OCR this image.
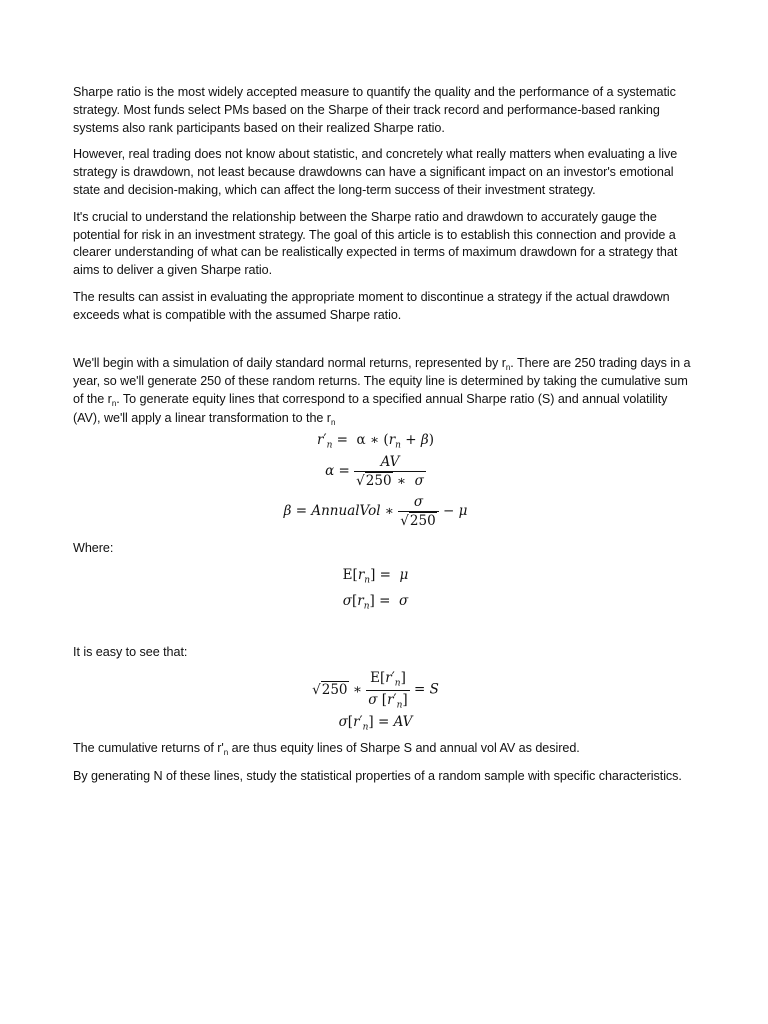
Sharpe ratio is the most widely accepted measure to quantify the quality and the performance of a systematic strategy. Most funds select PMs based on the Sharpe of their track record and performance-based ranking systems also rank participants based on their realized Sharpe ratio.

However, real trading does not know about statistic, and concretely what really matters when evaluating a live strategy is drawdown, not least because drawdowns can have a significant impact on an investor's emotional state and decision-making, which can affect the long-term success of their investment strategy.

It's crucial to understand the relationship between the Sharpe ratio and drawdown to accurately gauge the potential for risk in an investment strategy. The goal of this article is to establish this connection and provide a clearer understanding of what can be realistically expected in terms of maximum drawdown for a strategy that aims to deliver a given Sharpe ratio.

The results can assist in evaluating the appropriate moment to discontinue a strategy if the actual drawdown exceeds what is compatible with the assumed Sharpe ratio.

We'll begin with a simulation of daily standard normal returns, represented by $r_n$. There are 250 trading days in a year, so we'll generate 250 of these random returns. The equity line is determined by taking the cumulative sum of the $r_n$. To generate equity lines that correspond to a specified annual Sharpe ratio (S) and annual volatility (AV), we'll apply a linear transformation to the $r_n$

$r'_n = \alpha$ ∗ $(r_n + \beta)$
$\alpha = \frac{AV}{√250 ∗ \sigma}$
β = AnnualVol ∗ $\frac{\sigma}{√250} - \mu$

Where:

$E[r_n] = \mu$
$\sigma[r_n] = \sigma$

It is easy to see that:

√250 ∗ $\frac{E[r'_n]}{\sigma [r'_n]} = S$
$\sigma[r'_n]$ = AV

The cumulative returns of $r'_n$ are thus equity lines of Sharpe S and annual vol AV as desired.

By generating N of these lines, study the statistical properties of a random sample with specific characteristics.
